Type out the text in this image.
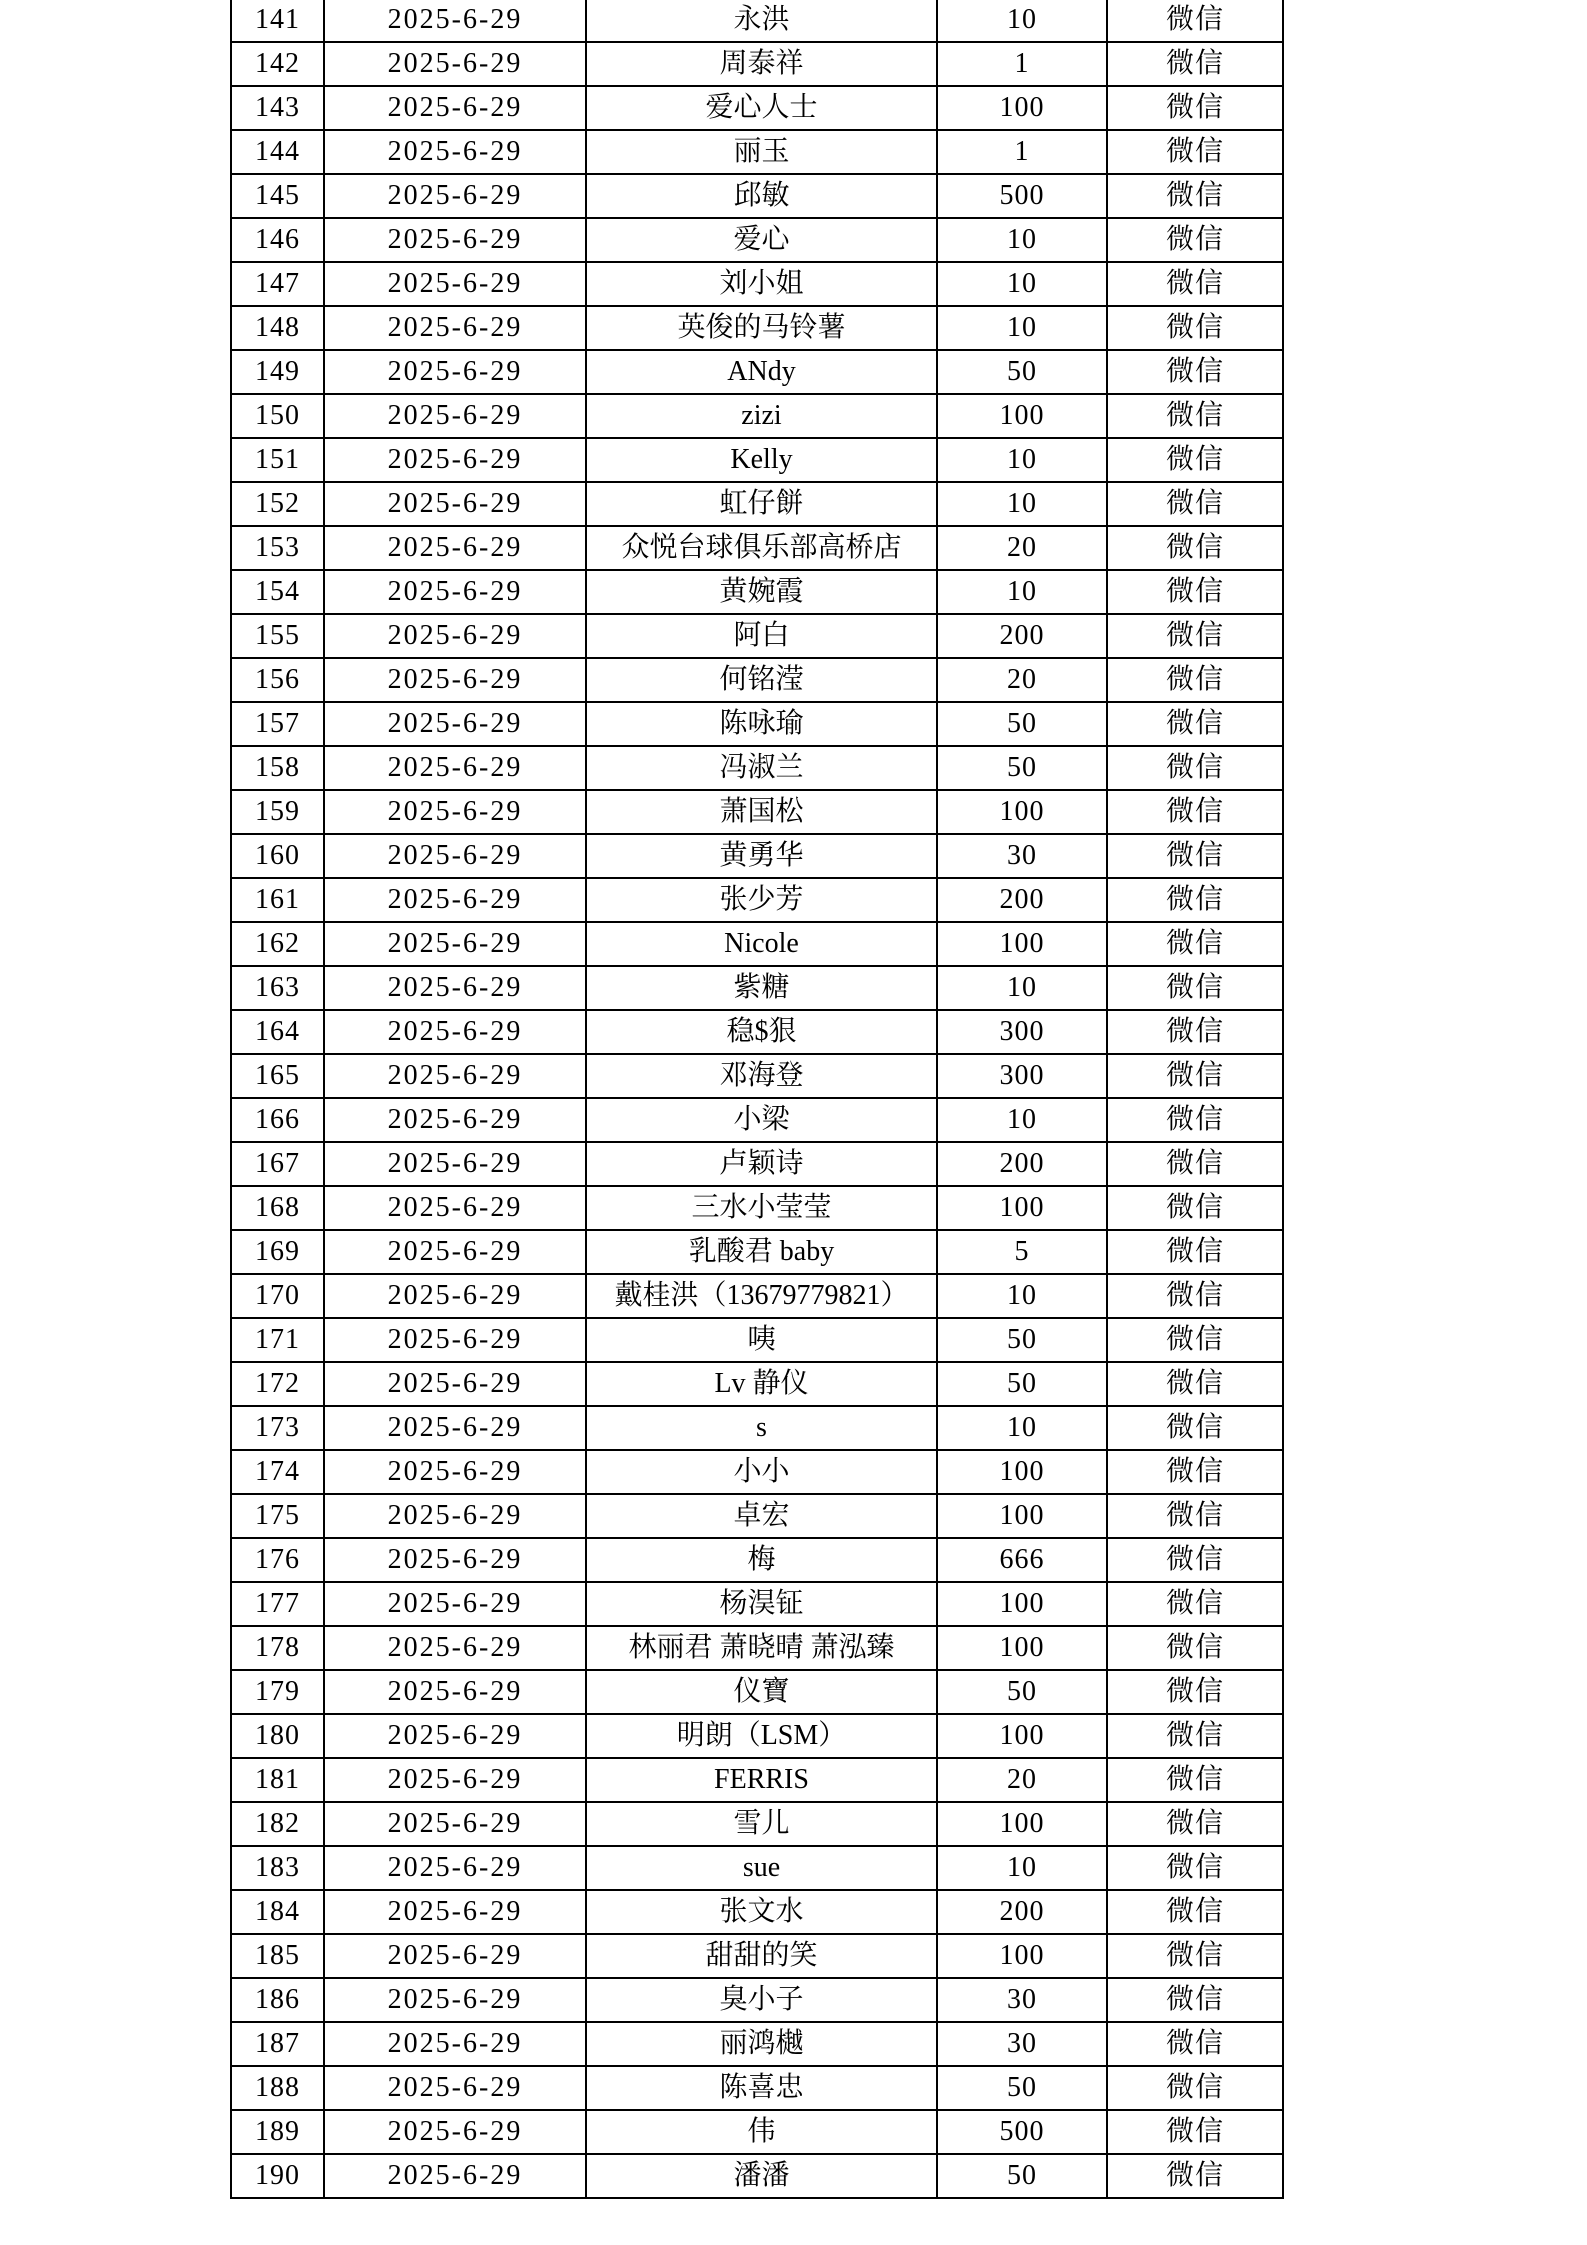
141	2025-6-29	永洪	10	微信
142	2025-6-29	周泰祥	1	微信
143	2025-6-29	爱心人士	100	微信
144	2025-6-29	丽玉	1	微信
145	2025-6-29	邱敏	500	微信
146	2025-6-29	爱心	10	微信
147	2025-6-29	刘小姐	10	微信
148	2025-6-29	英俊的马铃薯	10	微信
149	2025-6-29	ANdy	50	微信
150	2025-6-29	zizi	100	微信
151	2025-6-29	Kelly	10	微信
152	2025-6-29	虹仔餅	10	微信
153	2025-6-29	众悦台球俱乐部高桥店	20	微信
154	2025-6-29	黄婉霞	10	微信
155	2025-6-29	阿白	200	微信
156	2025-6-29	何铭滢	20	微信
157	2025-6-29	陈咏瑜	50	微信
158	2025-6-29	冯淑兰	50	微信
159	2025-6-29	萧国松	100	微信
160	2025-6-29	黄勇华	30	微信
161	2025-6-29	张少芳	200	微信
162	2025-6-29	Nicole	100	微信
163	2025-6-29	紫糖	10	微信
164	2025-6-29	稳$狠	300	微信
165	2025-6-29	邓海登	300	微信
166	2025-6-29	小梁	10	微信
167	2025-6-29	卢颖诗	200	微信
168	2025-6-29	三水小莹莹	100	微信
169	2025-6-29	乳酸君 baby	5	微信
170	2025-6-29	戴桂洪（13679779821）	10	微信
171	2025-6-29	咦	50	微信
172	2025-6-29	Lv 静仪	50	微信
173	2025-6-29	s	10	微信
174	2025-6-29	小小	100	微信
175	2025-6-29	卓宏	100	微信
176	2025-6-29	梅	666	微信
177	2025-6-29	杨淏钲	100	微信
178	2025-6-29	林丽君 萧晓晴 萧泓臻	100	微信
179	2025-6-29	仪寶	50	微信
180	2025-6-29	明朗（LSM）	100	微信
181	2025-6-29	FERRIS	20	微信
182	2025-6-29	雪儿	100	微信
183	2025-6-29	sue	10	微信
184	2025-6-29	张文水	200	微信
185	2025-6-29	甜甜的笑	100	微信
186	2025-6-29	臭小子	30	微信
187	2025-6-29	丽鸿樾	30	微信
188	2025-6-29	陈喜忠	50	微信
189	2025-6-29	伟	500	微信
190	2025-6-29	潘潘	50	微信
